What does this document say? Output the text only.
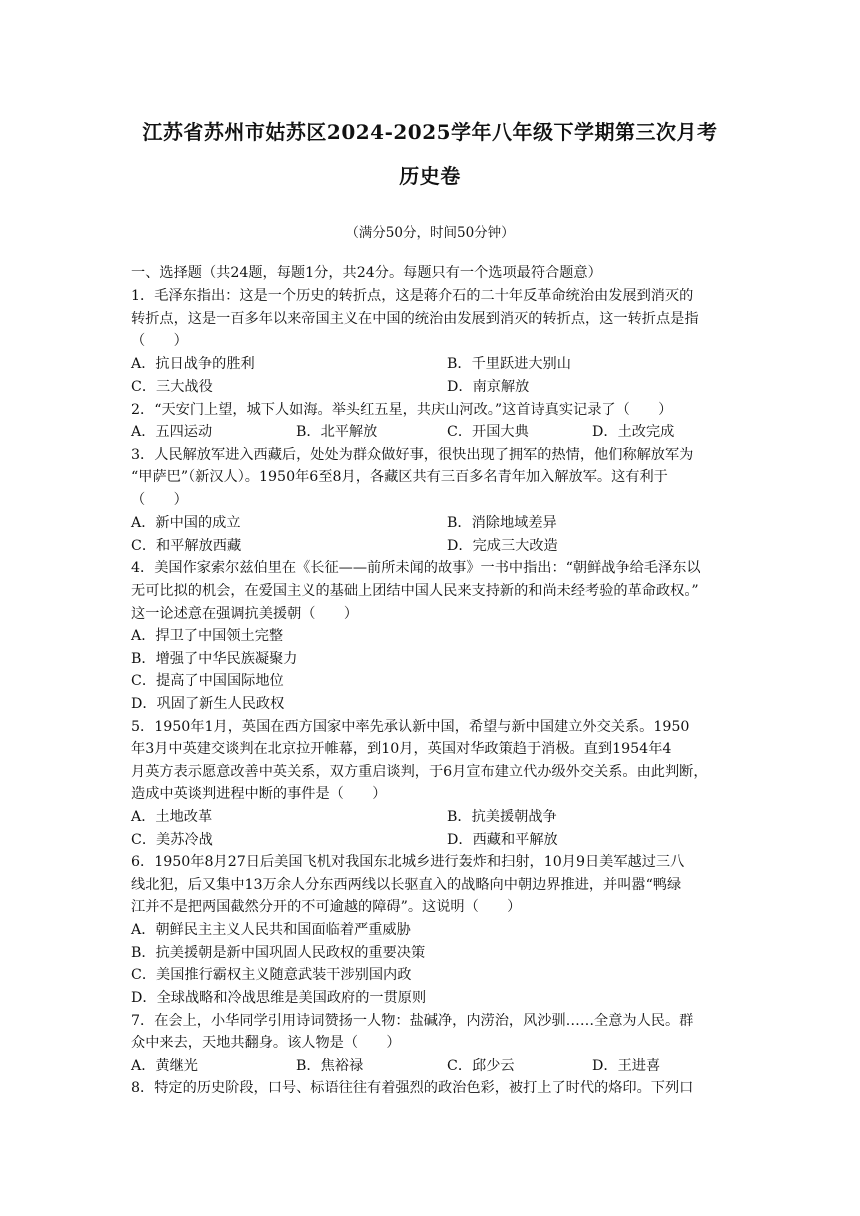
江苏省苏州市姑苏区2024-2025学年八年级下学期第三次月考
历史卷
（满分50分，时间50分钟）
一、选择题（共24题，每题1分，共24分。每题只有一个选项最符合题意）
1．毛泽东指出：这是一个历史的转折点，这是蒋介石的二十年反革命统治由发展到消灭的
转折点，这是一百多年以来帝国主义在中国的统治由发展到消灭的转折点，这一转折点是指
（　　）
A．抗日战争的胜利	B．千里跃进大别山
C．三大战役	D．南京解放
2．“天安门上望，城下人如海。举头红五星，共庆山河改。”这首诗真实记录了（　　）
A．五四运动	B．北平解放	C．开国大典	D．土改完成
3．人民解放军进入西藏后，处处为群众做好事，很快出现了拥军的热情，他们称解放军为
“甲萨巴”（新汉人）。1950年6至8月，各藏区共有三百多名青年加入解放军。这有利于
（　　）
A．新中国的成立	B．消除地域差异
C．和平解放西藏	D．完成三大改造
4．美国作家索尔兹伯里在《长征——前所未闻的故事》一书中指出：“朝鲜战争给毛泽东以
无可比拟的机会，在爱国主义的基础上团结中国人民来支持新的和尚未经考验的革命政权。”
这一论述意在强调抗美援朝（　　）
A．捍卫了中国领土完整
B．增强了中华民族凝聚力
C．提高了中国国际地位
D．巩固了新生人民政权
5．1950年1月，英国在西方国家中率先承认新中国，希望与新中国建立外交关系。1950
年3月中英建交谈判在北京拉开帷幕，到10月，英国对华政策趋于消极。直到1954年4
月英方表示愿意改善中英关系，双方重启谈判，于6月宣布建立代办级外交关系。由此判断，
造成中英谈判进程中断的事件是（　　）
A．土地改革	B．抗美援朝战争
C．美苏冷战	D．西藏和平解放
6．1950年8月27日后美国飞机对我国东北城乡进行轰炸和扫射，10月9日美军越过三八
线北犯，后又集中13万余人分东西两线以长驱直入的战略向中朝边界推进，并叫嚣“鸭绿
江并不是把两国截然分开的不可逾越的障碍”。这说明（　　）
A．朝鲜民主主义人民共和国面临着严重威胁
B．抗美援朝是新中国巩固人民政权的重要决策
C．美国推行霸权主义随意武装干涉别国内政
D．全球战略和冷战思维是美国政府的一贯原则
7．在会上，小华同学引用诗词赞扬一人物：盐碱净，内涝治，风沙驯……全意为人民。群
众中来去，天地共翻身。该人物是（　　）
A．黄继光	B．焦裕禄	C．邱少云	D．王进喜
8．特定的历史阶段，口号、标语往往有着强烈的政治色彩，被打上了时代的烙印。下列口
